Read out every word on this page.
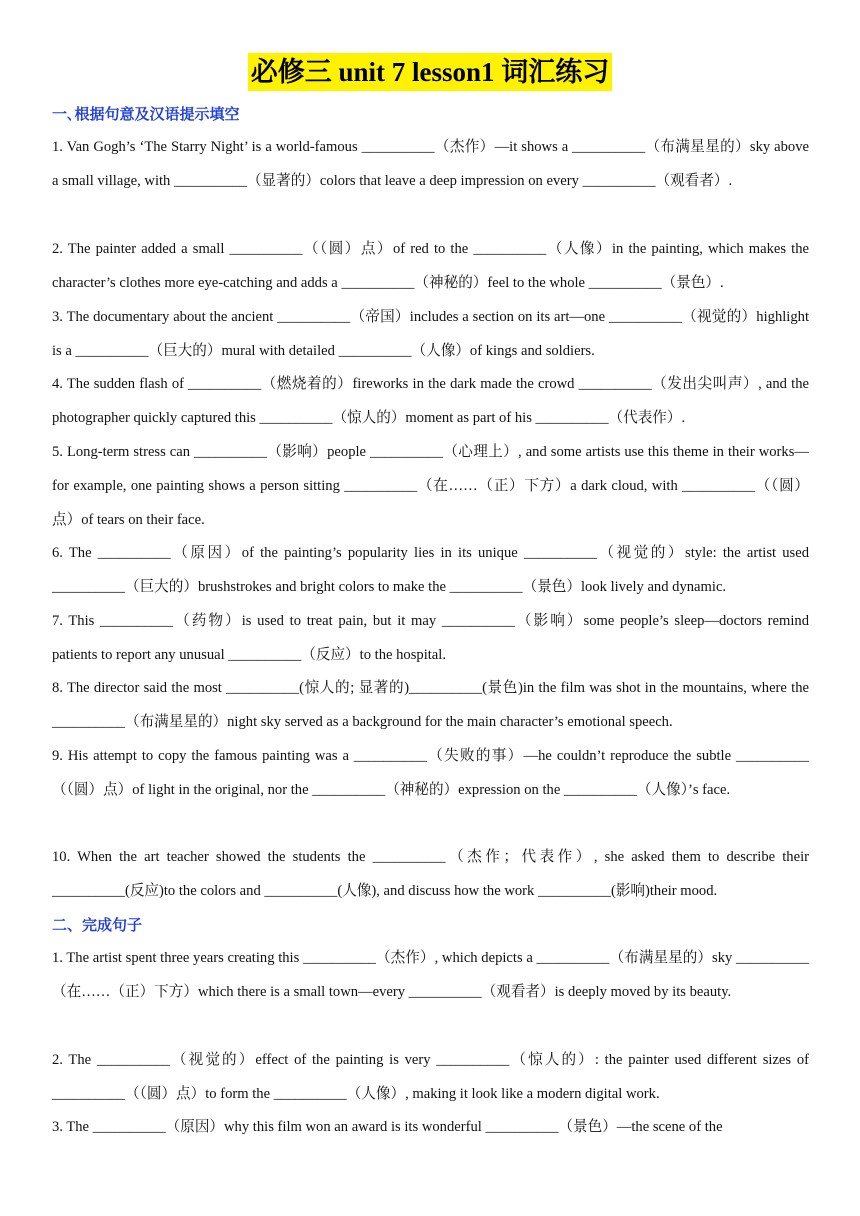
必修三 unit 7 lesson1 词汇练习
一､根据句意及汉语提示填空
1. Van Gogh’s ‘The Starry Night’ is a world-famous __________（杰作）—it shows a __________（布满星星的）sky above a small village, with __________（显著的）colors that leave a deep impression on every __________（观看者）.
2. The painter added a small __________（（圆）点）of red to the __________（人像）in the painting, which makes the character’s clothes more eye-catching and adds a __________（神秘的）feel to the whole __________（景色）.
3. The documentary about the ancient __________（帝国）includes a section on its art—one __________（视觉的）highlight is a __________（巨大的）mural with detailed __________（人像）of kings and soldiers.
4. The sudden flash of __________（燃烧着的）fireworks in the dark made the crowd __________（发出尖叫声）, and the photographer quickly captured this __________（惊人的）moment as part of his __________（代表作）.
5. Long-term stress can __________（影响）people __________（心理上）, and some artists use this theme in their works—for example, one painting shows a person sitting __________（在……（正）下方）a dark cloud, with __________（（圆）点）of tears on their face.
6. The __________（原因）of the painting’s popularity lies in its unique __________（视觉的）style: the artist used __________（巨大的）brushstrokes and bright colors to make the __________（景色）look lively and dynamic.
7. This __________（药物）is used to treat pain, but it may __________（影响）some people’s sleep—doctors remind patients to report any unusual __________（反应）to the hospital.
8. The director said the most __________(惊人的; 显著的)__________(景色)in the film was shot in the mountains, where the __________（布满星星的）night sky served as a background for the main character’s emotional speech.
9. His attempt to copy the famous painting was a __________（失败的事）—he couldn’t reproduce the subtle __________（（圆）点）of light in the original, nor the __________（神秘的）expression on the __________（人像）’s face.
10. When the art teacher showed the students the __________（杰作；代表作）, she asked them to describe their __________(反应)to the colors and __________(人像), and discuss how the work __________(影响)their mood.
二、完成句子
1. The artist spent three years creating this __________（杰作）, which depicts a __________（布满星星的）sky __________（在……（正）下方）which there is a small town—every __________（观看者）is deeply moved by its beauty.
2. The __________（视觉的）effect of the painting is very __________（惊人的）: the painter used different sizes of __________（（圆）点）to form the __________（人像）, making it look like a modern digital work.
3. The __________（原因）why this film won an award is its wonderful __________（景色）—the scene of the
